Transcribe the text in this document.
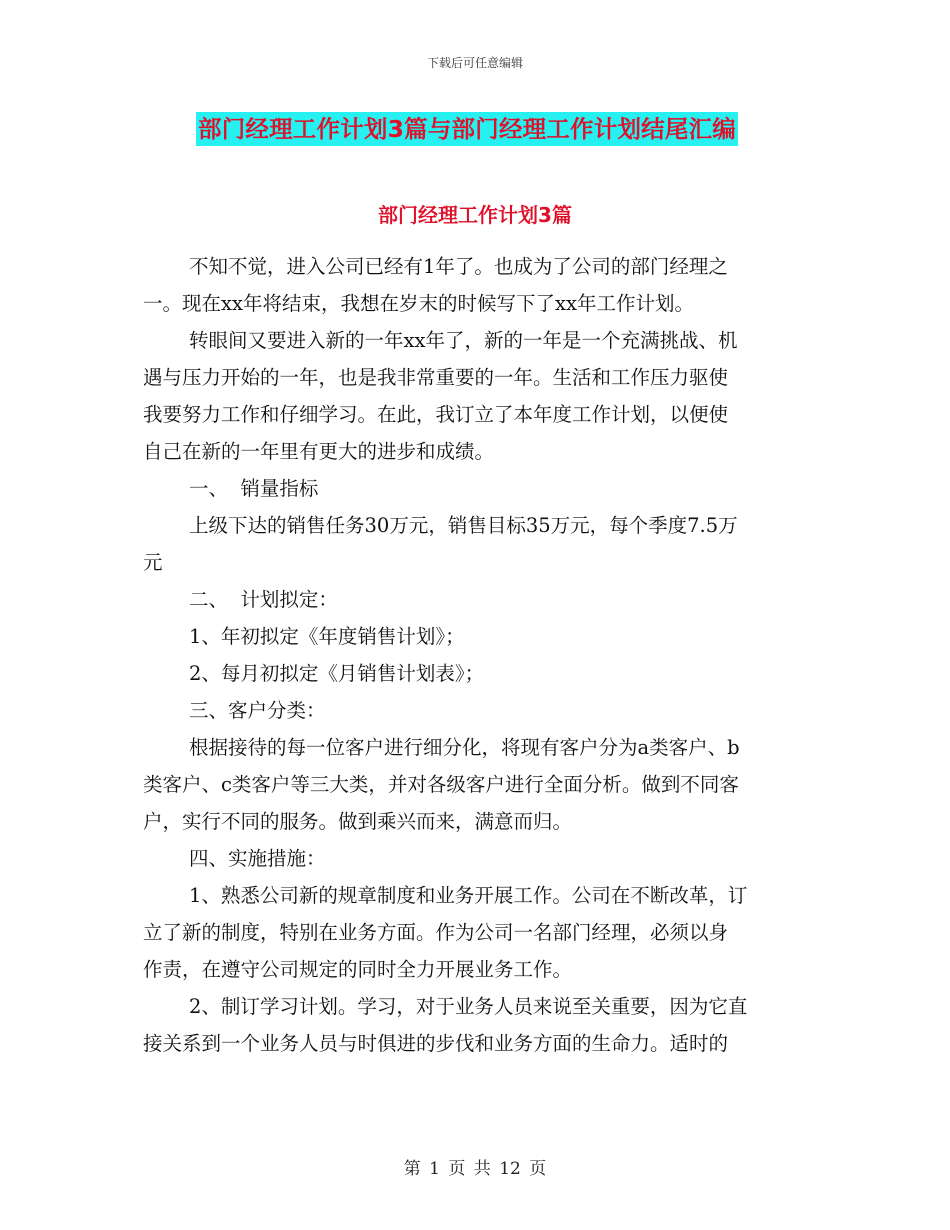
下载后可任意编辑
部门经理工作计划3篇与部门经理工作计划结尾汇编
部门经理工作计划3篇

不知不觉，进入公司已经有1年了。也成为了公司的部门经理之

一。现在xx年将结束，我想在岁末的时候写下了xx年工作计划。

转眼间又要进入新的一年xx年了，新的一年是一个充满挑战、机

遇与压力开始的一年，也是我非常重要的一年。生活和工作压力驱使

我要努力工作和仔细学习。在此，我订立了本年度工作计划，以便使

自己在新的一年里有更大的进步和成绩。

一、  销量指标

上级下达的销售任务30万元，销售目标35万元，每个季度7.5万

元

二、  计划拟定：

1、年初拟定《年度销售计划》；

2、每月初拟定《月销售计划表》；

三、客户分类：

根据接待的每一位客户进行细分化，将现有客户分为a类客户、b

类客户、c类客户等三大类，并对各级客户进行全面分析。做到不同客

户，实行不同的服务。做到乘兴而来，满意而归。

四、实施措施：

1、熟悉公司新的规章制度和业务开展工作。公司在不断改革，订

立了新的制度，特别在业务方面。作为公司一名部门经理，必须以身

作责，在遵守公司规定的同时全力开展业务工作。

2、制订学习计划。学习，对于业务人员来说至关重要，因为它直

接关系到一个业务人员与时俱进的步伐和业务方面的生命力。适时的

第 1 页 共 12 页
